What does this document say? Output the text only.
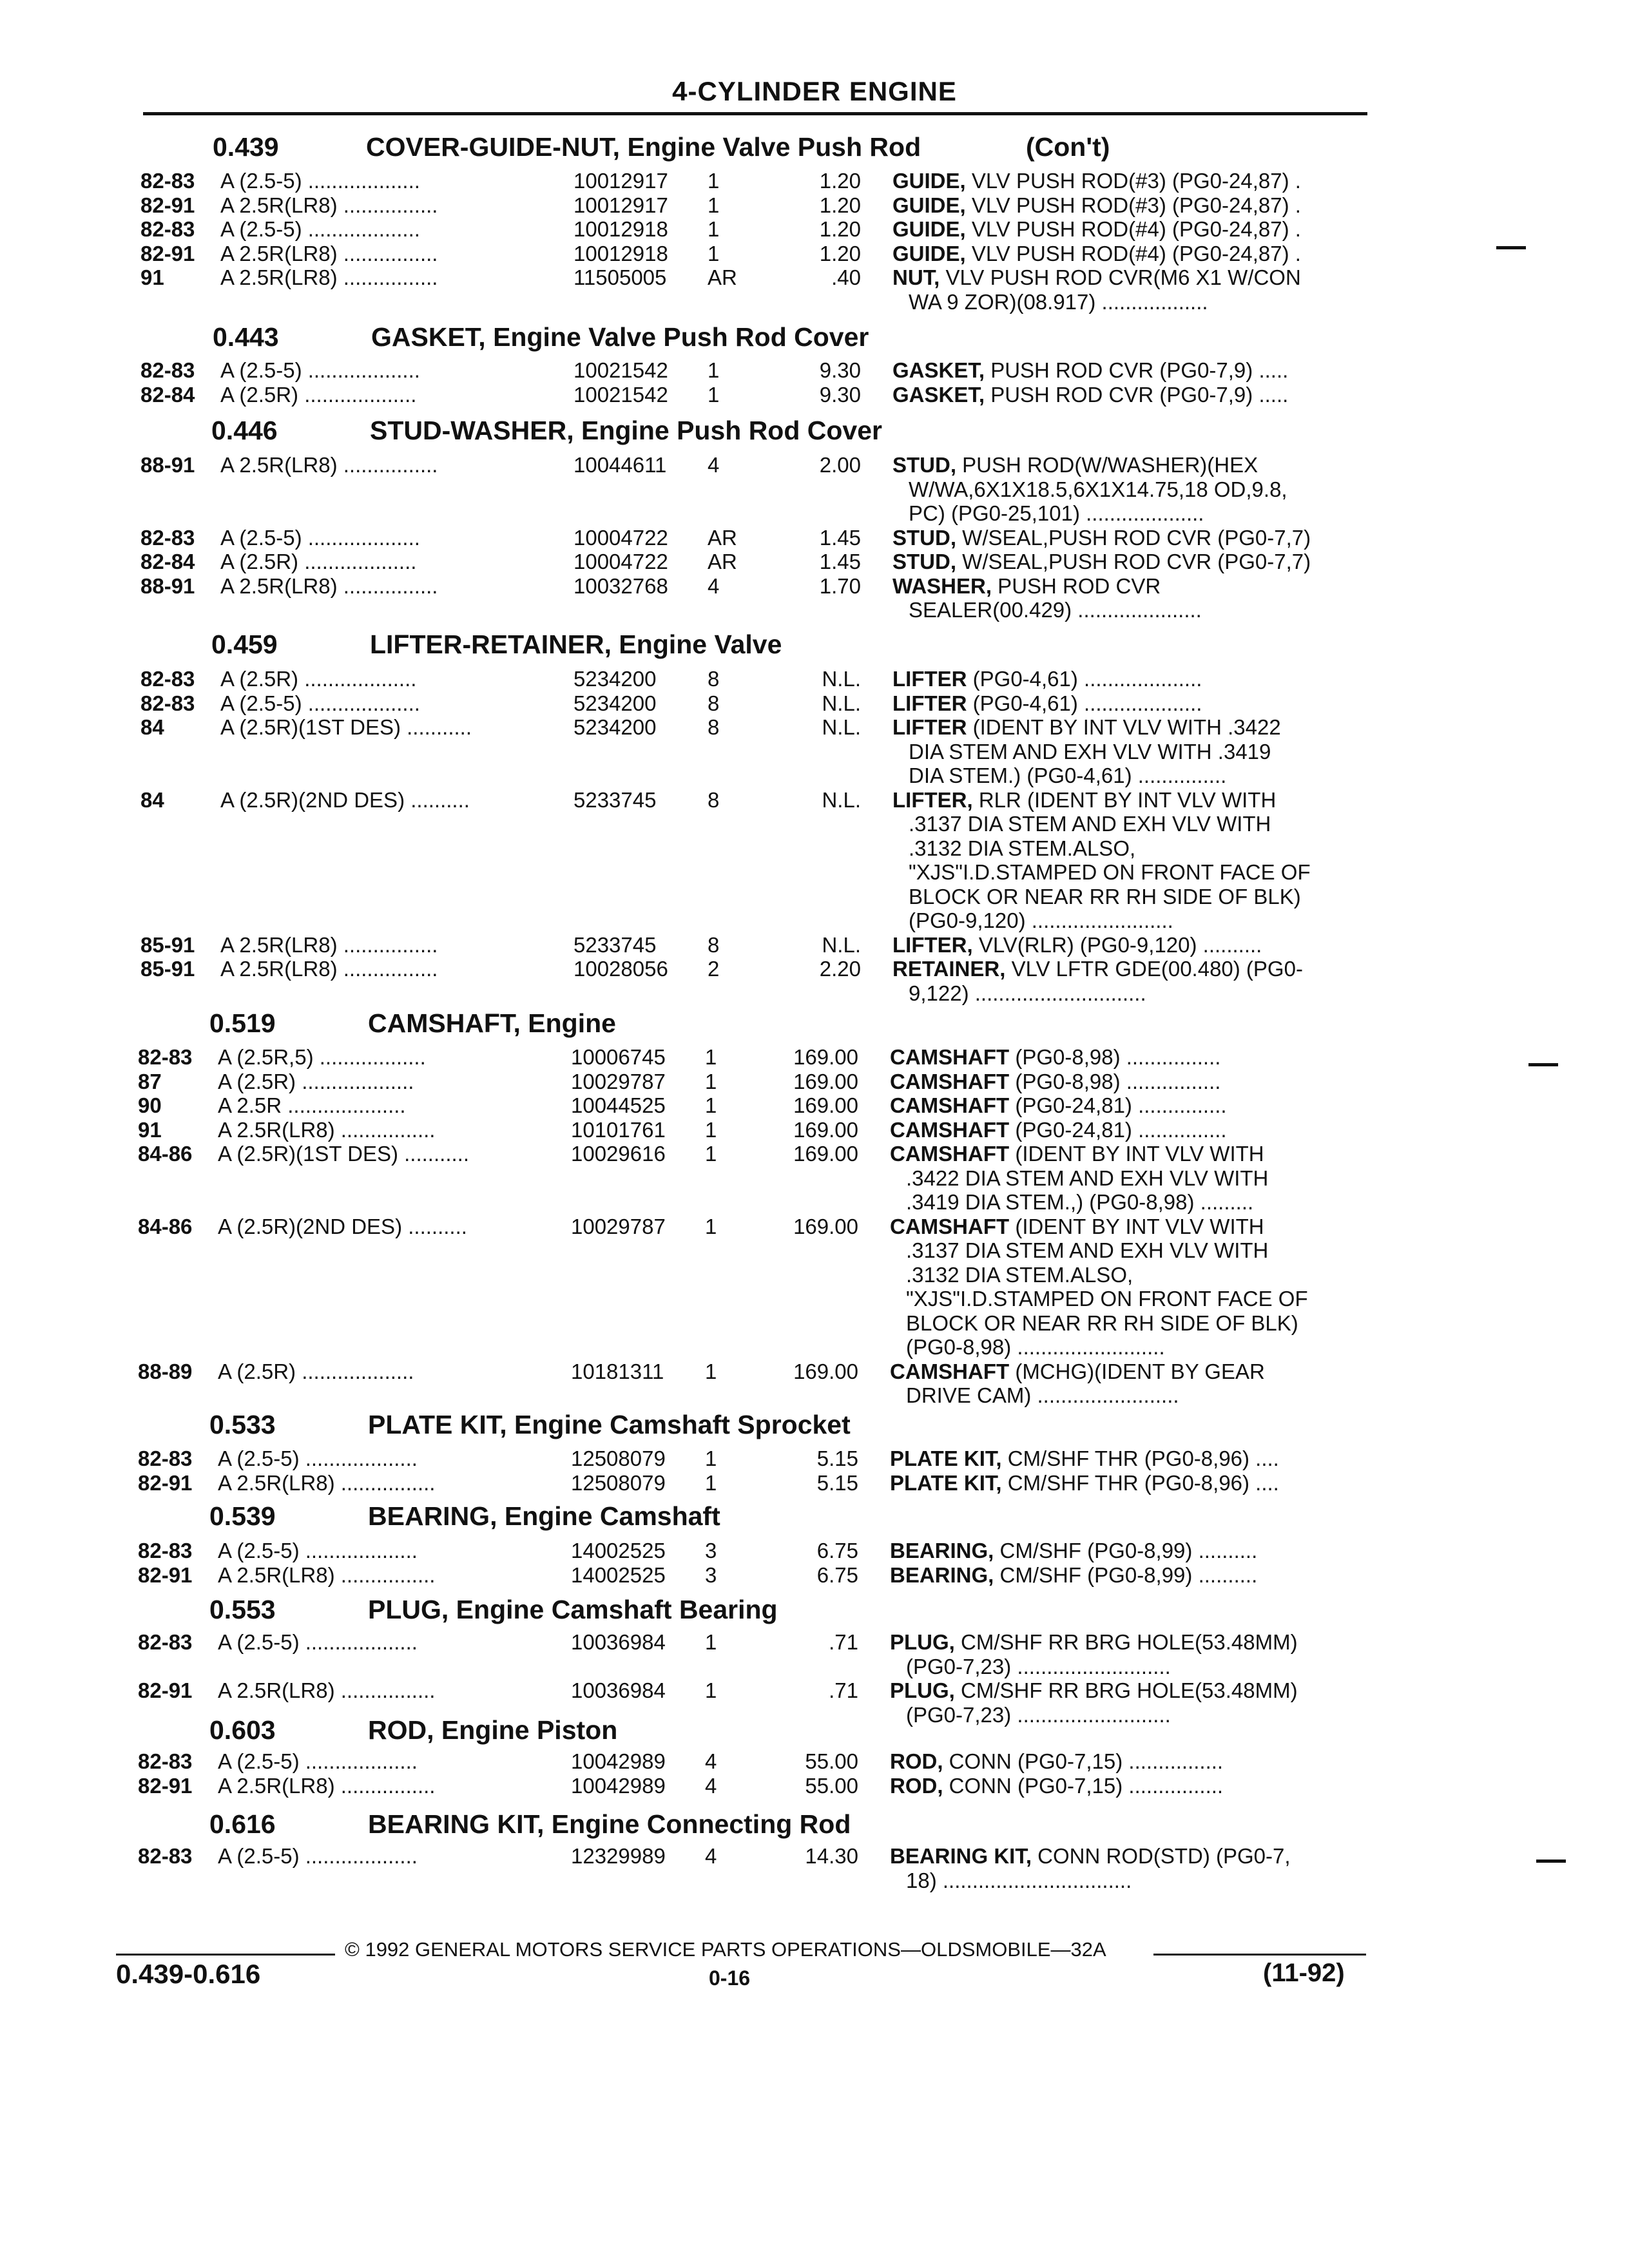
4-CYLINDER ENGINE
0.439	COVER-GUIDE-NUT, Engine Valve Push Rod	(Con't)
82-83 A (2.5-5) ...................	10012917	1	1.20 GUIDE, VLV PUSH ROD(#3) (PG0-24,87) .
82-91 A 2.5R(LR8) ................	10012917	1	1.20 GUIDE, VLV PUSH ROD(#3) (PG0-24,87) .
82-83 A (2.5-5) ...................	10012918	1	1.20 GUIDE, VLV PUSH ROD(#4) (PG0-24,87) .
82-91 A 2.5R(LR8) ................	10012918	1	1.20 GUIDE, VLV PUSH ROD(#4) (PG0-24,87) .
91	A 2.5R(LR8) ................	11505005	AR	.40 NUT, VLV PUSH ROD CVR(M6 X1 W/CON
WA 9 ZOR)(08.917) ..................
0.443	GASKET, Engine Valve Push Rod Cover
82-83 A (2.5-5) ...................	10021542	1	9.30 GASKET, PUSH ROD CVR (PG0-7,9) .....
82-84 A (2.5R) ...................	10021542	1	9.30 GASKET, PUSH ROD CVR (PG0-7,9) .....
0.446	STUD-WASHER, Engine Push Rod Cover
88-91 A 2.5R(LR8) ................	10044611	4	2.00 STUD, PUSH ROD(W/WASHER)(HEX
W/WA,6X1X18.5,6X1X14.75,18 OD,9.8,
PC) (PG0-25,101) ....................
82-83 A (2.5-5) ...................	10004722	AR	1.45 STUD, W/SEAL,PUSH ROD CVR (PG0-7,7)
82-84 A (2.5R) ...................	10004722	AR	1.45 STUD, W/SEAL,PUSH ROD CVR (PG0-7,7)
88-91 A 2.5R(LR8) ................	10032768	4	1.70 WASHER, PUSH ROD CVR
SEALER(00.429) .....................
0.459	LIFTER-RETAINER, Engine Valve
82-83 A (2.5R) ...................	5234200	8	N.L. LIFTER (PG0-4,61) ....................
82-83 A (2.5-5) ...................	5234200	8	N.L. LIFTER (PG0-4,61) ....................
84	A (2.5R)(1ST DES) ...........	5234200	8	N.L. LIFTER (IDENT BY INT VLV WITH .3422
DIA STEM AND EXH VLV WITH .3419
DIA STEM.) (PG0-4,61) ...............
84	A (2.5R)(2ND DES) ..........	5233745	8	N.L. LIFTER, RLR (IDENT BY INT VLV WITH
.3137 DIA STEM AND EXH VLV WITH
.3132 DIA STEM.ALSO,
"XJS"I.D.STAMPED ON FRONT FACE OF
BLOCK OR NEAR RR RH SIDE OF BLK)
(PG0-9,120) ........................
85-91 A 2.5R(LR8) ................	5233745	8	N.L. LIFTER, VLV(RLR) (PG0-9,120) ..........
85-91 A 2.5R(LR8) ................	10028056	2	2.20 RETAINER, VLV LFTR GDE(00.480) (PG0-
9,122) .............................
0.519	CAMSHAFT, Engine
82-83 A (2.5R,5) ..................	10006745	1	169.00 CAMSHAFT (PG0-8,98) ................
87	A (2.5R) ...................	10029787	1	169.00 CAMSHAFT (PG0-8,98) ................
90	A 2.5R ....................	10044525	1	169.00 CAMSHAFT (PG0-24,81) ...............
91	A 2.5R(LR8) ................	10101761	1	169.00 CAMSHAFT (PG0-24,81) ...............
84-86 A (2.5R)(1ST DES) ...........	10029616	1	169.00 CAMSHAFT (IDENT BY INT VLV WITH
.3422 DIA STEM AND EXH VLV WITH
.3419 DIA STEM.,) (PG0-8,98) .........
84-86 A (2.5R)(2ND DES) ..........	10029787	1	169.00 CAMSHAFT (IDENT BY INT VLV WITH
.3137 DIA STEM AND EXH VLV WITH
.3132 DIA STEM.ALSO,
"XJS"I.D.STAMPED ON FRONT FACE OF
BLOCK OR NEAR RR RH SIDE OF BLK)
(PG0-8,98) .........................
88-89 A (2.5R) ...................	10181311	1	169.00 CAMSHAFT (MCHG)(IDENT BY GEAR
DRIVE CAM) ........................
0.533	PLATE KIT, Engine Camshaft Sprocket
82-83 A (2.5-5) ...................	12508079	1	5.15 PLATE KIT, CM/SHF THR (PG0-8,96) ....
82-91 A 2.5R(LR8) ................	12508079	1	5.15 PLATE KIT, CM/SHF THR (PG0-8,96) ....
0.539	BEARING, Engine Camshaft
82-83 A (2.5-5) ...................	14002525	3	6.75 BEARING, CM/SHF (PG0-8,99) ..........
82-91 A 2.5R(LR8) ................	14002525	3	6.75 BEARING, CM/SHF (PG0-8,99) ..........
0.553	PLUG, Engine Camshaft Bearing
82-83 A (2.5-5) ...................	10036984	1	.71 PLUG, CM/SHF RR BRG HOLE(53.48MM)
(PG0-7,23) ..........................
82-91 A 2.5R(LR8) ................	10036984	1	.71 PLUG, CM/SHF RR BRG HOLE(53.48MM)
(PG0-7,23) ..........................
0.603	ROD, Engine Piston
82-83 A (2.5-5) ...................	10042989	4	55.00 ROD, CONN (PG0-7,15) ................
82-91 A 2.5R(LR8) ................	10042989	4	55.00 ROD, CONN (PG0-7,15) ................
0.616	BEARING KIT, Engine Connecting Rod
82-83 A (2.5-5) ...................	12329989	4	14.30 BEARING KIT, CONN ROD(STD) (PG0-7,
18) ................................
© 1992 GENERAL MOTORS SERVICE PARTS OPERATIONS—OLDSMOBILE—32A
0.439-0.616	0-16	(11-92)
